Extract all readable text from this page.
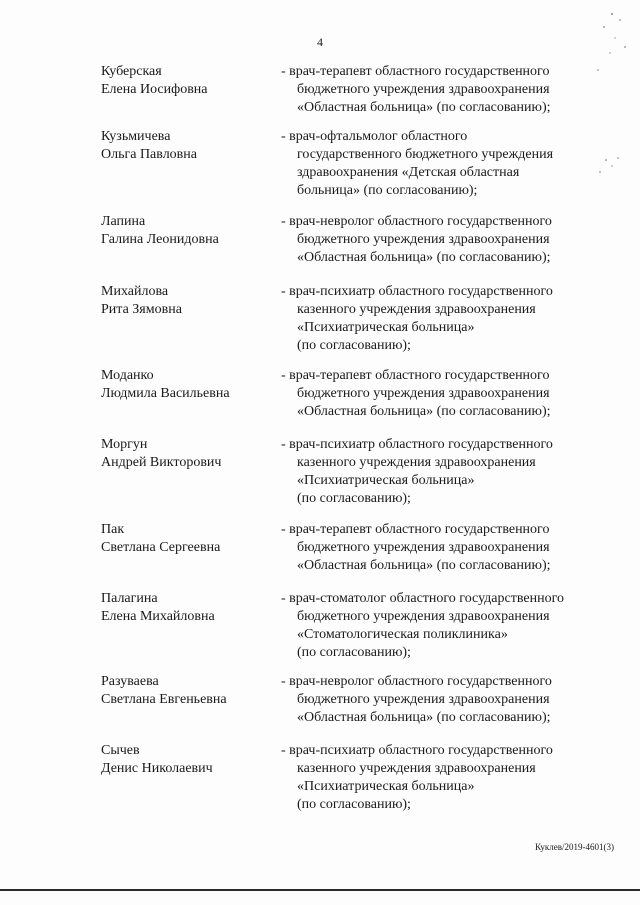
4
Куберская
Елена Иосифовна
- врач-терапевт областного государственного
бюджетного учреждения здравоохранения
«Областная больница» (по согласованию);
Кузьмичева
Ольга Павловна
- врач-офтальмолог областного
государственного бюджетного учреждения
здравоохранения «Детская областная
больница» (по согласованию);
Лапина
Галина Леонидовна
- врач-невролог областного государственного
бюджетного учреждения здравоохранения
«Областная больница» (по согласованию);
Михайлова
Рита Зямовна
- врач-психиатр областного государственного
казенного учреждения здравоохранения
«Психиатрическая больница»
(по согласованию);
Моданко
Людмила Васильевна
- врач-терапевт областного государственного
бюджетного учреждения здравоохранения
«Областная больница» (по согласованию);
Моргун
Андрей Викторович
- врач-психиатр областного государственного
казенного учреждения здравоохранения
«Психиатрическая больница»
(по согласованию);
Пак
Светлана Сергеевна
- врач-терапевт областного государственного
бюджетного учреждения здравоохранения
«Областная больница» (по согласованию);
Палагина
Елена Михайловна
- врач-стоматолог областного государственного
бюджетного учреждения здравоохранения
«Стоматологическая поликлиника»
(по согласованию);
Разуваева
Светлана Евгеньевна
- врач-невролог областного государственного
бюджетного учреждения здравоохранения
«Областная больница» (по согласованию);
Сычев
Денис Николаевич
- врач-психиатр областного государственного
казенного учреждения здравоохранения
«Психиатрическая больница»
(по согласованию);
Куклев/2019-4601(3)
